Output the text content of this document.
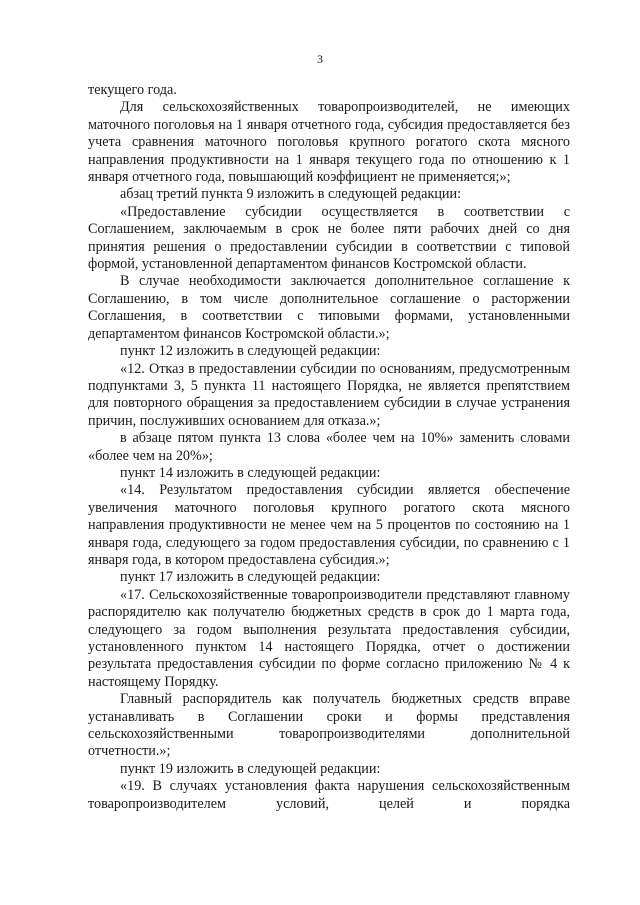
3

текущего года.

Для сельскохозяйственных товаропроизводителей, не имеющих маточного поголовья на 1 января отчетного года, субсидия предоставляется без учета сравнения маточного поголовья крупного рогатого скота мясного направления продуктивности на 1 января текущего года по отношению к 1 января отчетного года, повышающий коэффициент не применяется;»;

абзац третий пункта 9 изложить в следующей редакции:

«Предоставление субсидии осуществляется в соответствии с Соглашением, заключаемым в срок не более пяти рабочих дней со дня принятия решения о предоставлении субсидии в соответствии с типовой формой, установленной департаментом финансов Костромской области.

В случае необходимости заключается дополнительное соглашение к Соглашению, в том числе дополнительное соглашение о расторжении Соглашения, в соответствии с типовыми формами, установленными департаментом финансов Костромской области.»;

пункт 12 изложить в следующей редакции:

«12. Отказ в предоставлении субсидии по основаниям, предусмотренным подпунктами 3, 5 пункта 11 настоящего Порядка, не является препятствием для повторного обращения за предоставлением субсидии в случае устранения причин, послуживших основанием для отказа.»;

в абзаце пятом пункта 13 слова «более чем на 10%» заменить словами «более чем на 20%»;

пункт 14 изложить в следующей редакции:

«14. Результатом предоставления субсидии является обеспечение увеличения маточного поголовья крупного рогатого скота мясного направления продуктивности не менее чем на 5 процентов по состоянию на 1 января года, следующего за годом предоставления субсидии, по сравнению с 1 января года, в котором предоставлена субсидия.»;

пункт 17 изложить в следующей редакции:

«17. Сельскохозяйственные товаропроизводители представляют главному распорядителю как получателю бюджетных средств в срок до 1 марта года, следующего за годом выполнения результата предоставления субсидии, установленного пунктом 14 настоящего Порядка, отчет о достижении результата предоставления субсидии по форме согласно приложению № 4 к настоящему Порядку.

Главный распорядитель как получатель бюджетных средств вправе устанавливать в Соглашении сроки и формы представления сельскохозяйственными товаропроизводителями дополнительной отчетности.»;

пункт 19 изложить в следующей редакции:

«19. В случаях установления факта нарушения сельскохозяйственным товаропроизводителем условий, целей и порядка
